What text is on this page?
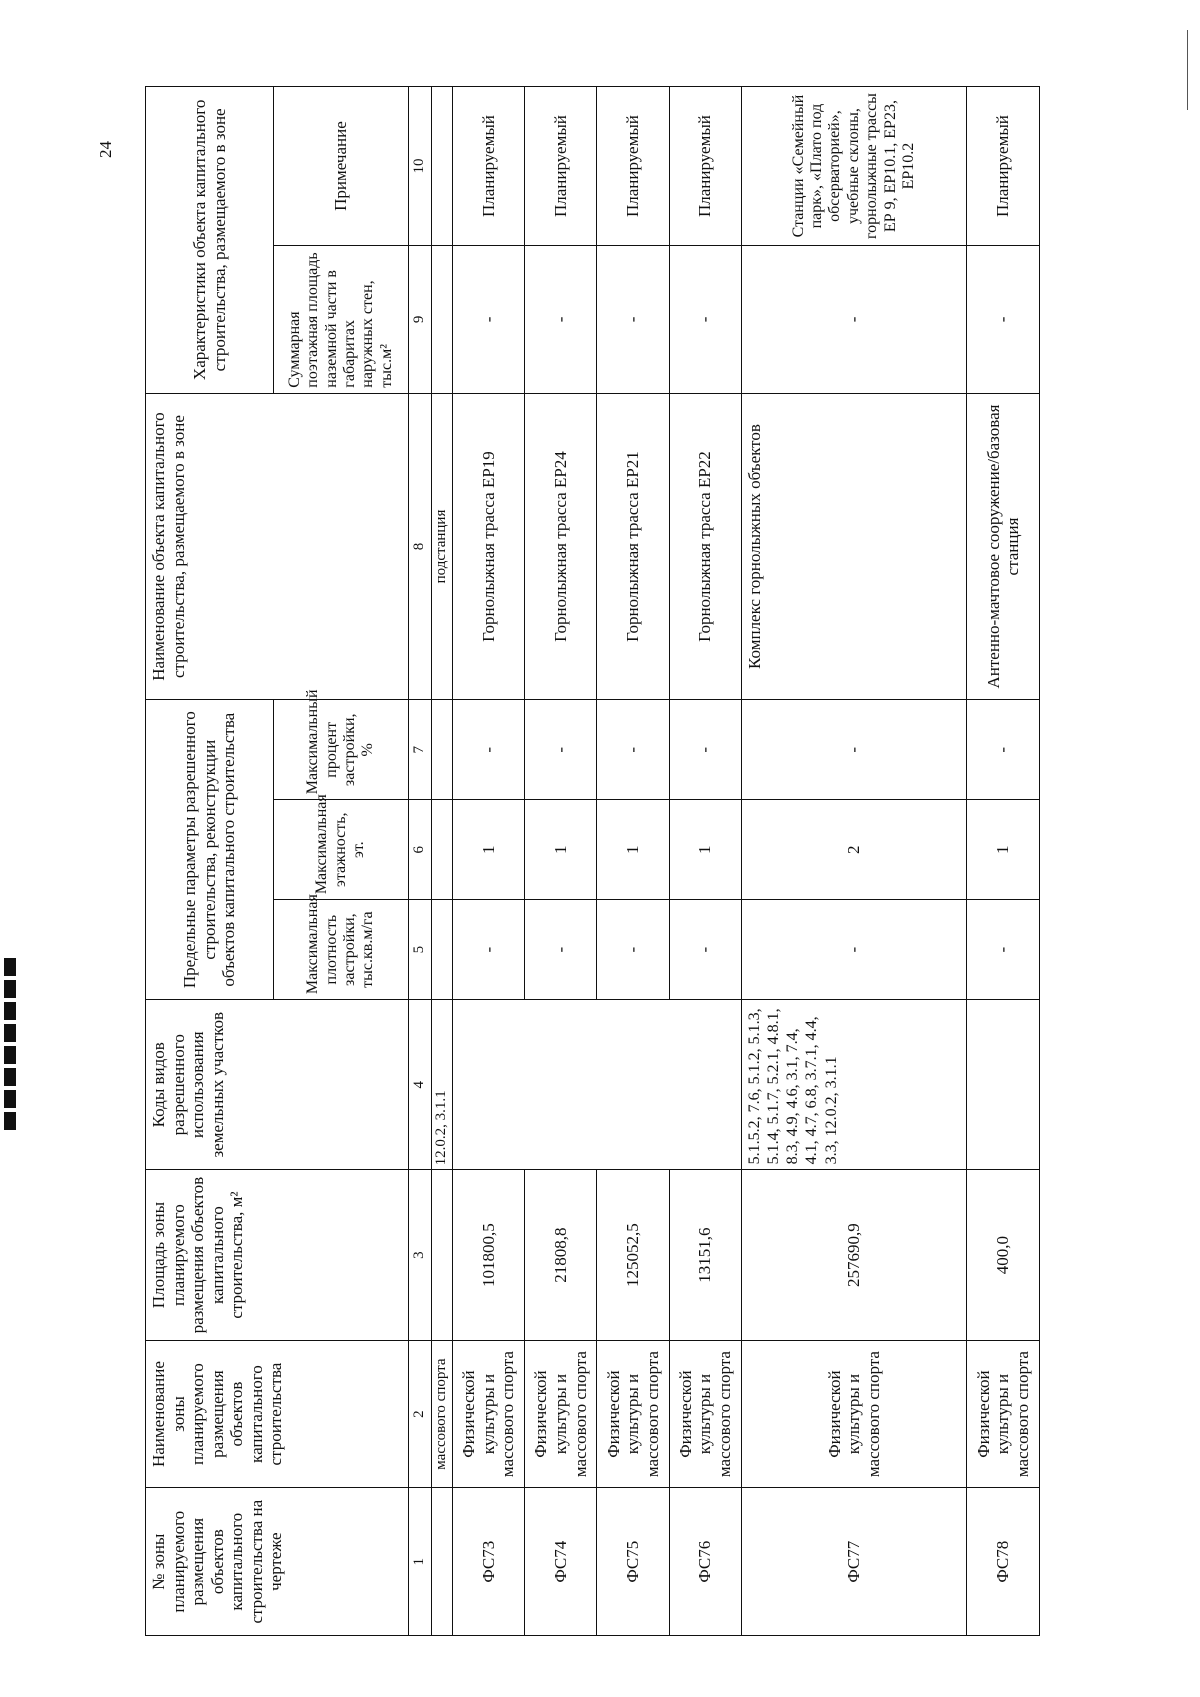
24
№ зоны планируемого размещения объектов капитального строительства на чертеже	Наименование зоны планируемого размещения объектов капитального строительства	Площадь зоны планируемого размещения объектов капитального строительства, м²	Коды видов разрешенного использования земельных участков	Предельные параметры разрешенного строительства, реконструкции объектов капитального строительства			Наименование объекта капитального строительства, размещаемого в зоне	Характеристики объекта капитального строительства, размещаемого в зоне	
				Максимальная плотность застройки, тыс.кв.м/га	Максимальная этажность, эт.	Максимальный процент застройки, %		Суммарная поэтажная площадь наземной части в габаритах наружных стен, тыс.м²	Примечание
1	2	3	4	5	6	7	8	9	10
	массового спорта		12.0.2, 3.1.1				подстанция		
ФС73	Физической культуры и массового спорта	101800,5		-	1	-	Горнолыжная трасса ЕР19	-	Планируемый
ФС74	Физической культуры и массового спорта	21808,8		-	1	-	Горнолыжная трасса ЕР24	-	Планируемый
ФС75	Физической культуры и массового спорта	125052,5		-	1	-	Горнолыжная трасса ЕР21	-	Планируемый
ФС76	Физической культуры и массового спорта	13151,6		-	1	-	Горнолыжная трасса ЕР22	-	Планируемый
ФС77	Физической культуры и массового спорта	257690,9	5.1.5.2, 7.6, 5.1.2, 5.1.3, 5.1.4, 5.1.7, 5.2.1, 4.8.1, 8.3, 4.9, 4.6, 3.1, 7.4, 4.1, 4.7, 6.8, 3.7.1, 4.4, 3.3, 12.0.2, 3.1.1	-	2	-	Комплекс горнолыжных объектов	-	Станции «Семейный парк», «Плато под обсерваторией», учебные склоны, горнолыжные трассы ЕР 9, ЕР10.1, ЕР23, ЕР10.2
ФС78	Физической культуры и массового спорта	400,0		-	1	-	Антенно-мачтовое сооружение/базовая станция	-	Планируемый
